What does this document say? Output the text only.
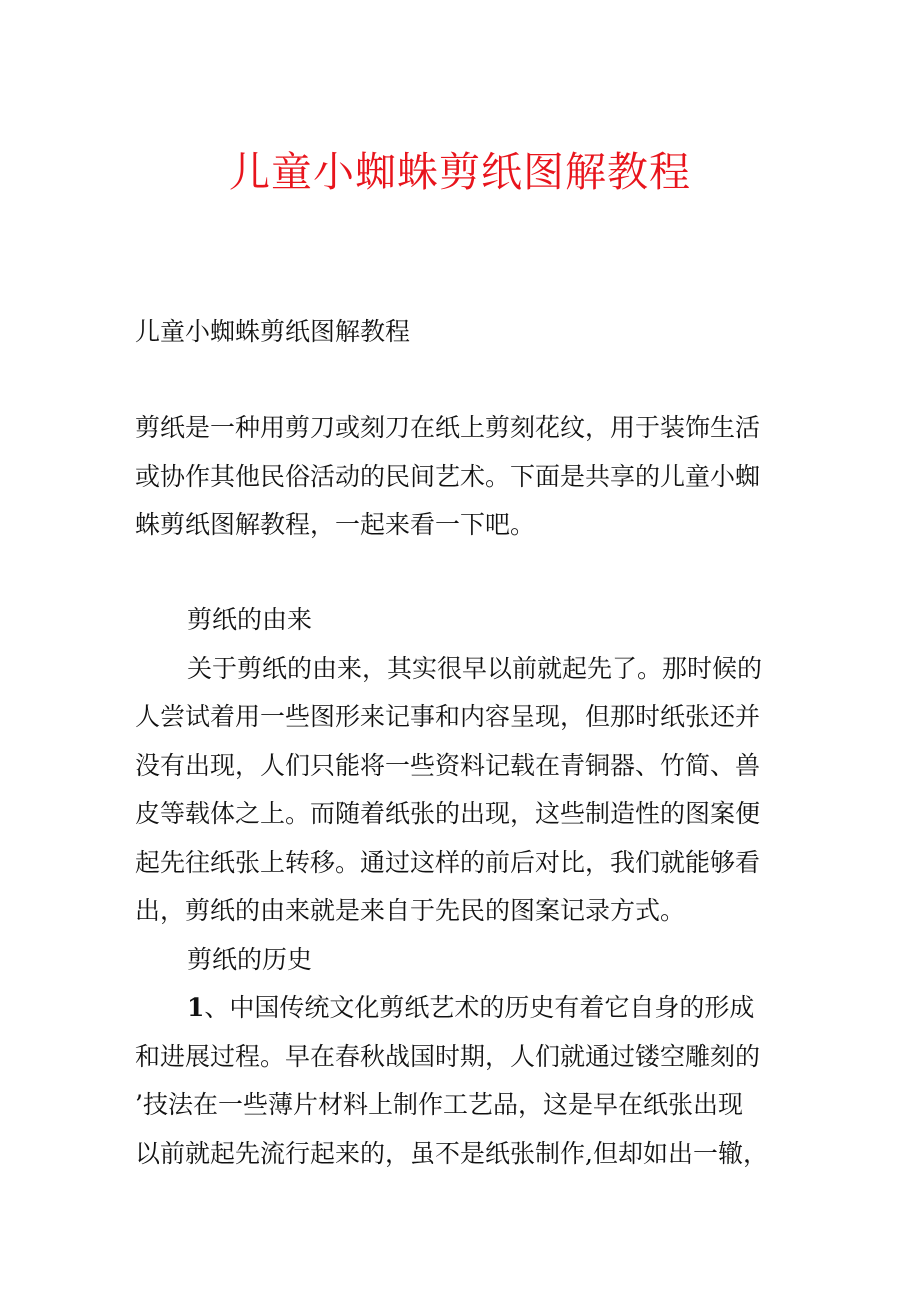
儿童小蜘蛛剪纸图解教程

儿童小蜘蛛剪纸图解教程

剪纸是一种用剪刀或刻刀在纸上剪刻花纹，用于装饰生活
或协作其他民俗活动的民间艺术。下面是共享的儿童小蜘
蛛剪纸图解教程，一起来看一下吧。
剪纸的由来
关于剪纸的由来，其实很早以前就起先了。那时候的
人尝试着用一些图形来记事和内容呈现，但那时纸张还并
没有出现，人们只能将一些资料记载在青铜器、竹简、兽
皮等载体之上。而随着纸张的出现，这些制造性的图案便
起先往纸张上转移。通过这样的前后对比，我们就能够看
出，剪纸的由来就是来自于先民的图案记录方式。
剪纸的历史
1、中国传统文化剪纸艺术的历史有着它自身的形成
和进展过程。早在春秋战国时期，人们就通过镂空雕刻的
’技法在一些薄片材料上制作工艺品，这是早在纸张出现
以前就起先流行起来的，虽不是纸张制作,但却如出一辙，
